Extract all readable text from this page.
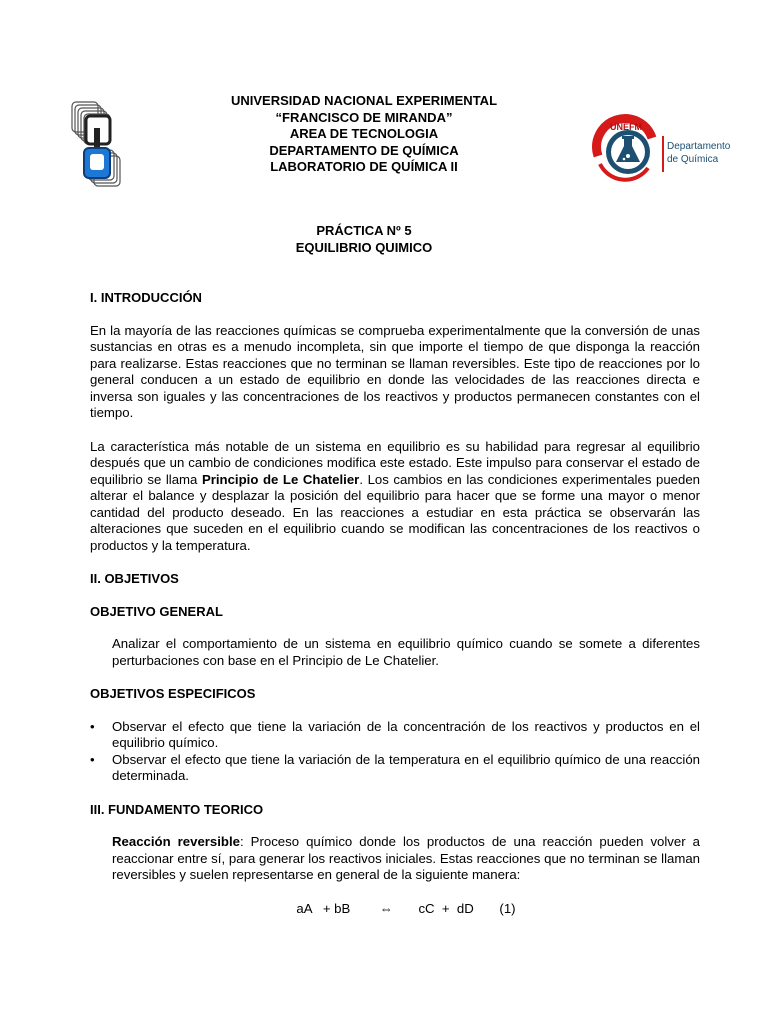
UNIVERSIDAD NACIONAL EXPERIMENTAL
“FRANCISCO DE MIRANDA”
AREA DE TECNOLOGIA
DEPARTAMENTO DE QUÍMICA
LABORATORIO DE QUÍMICA II
UNEFM
Departamento
de Química
PRÁCTICA Nº 5
EQUILIBRIO QUIMICO
I. INTRODUCCIÓN

En la mayoría de las reacciones químicas se comprueba experimentalmente que la conversión de unas sustancias en otras es a menudo incompleta, sin que importe el tiempo de que disponga la reacción para realizarse. Estas reacciones que no terminan se llaman reversibles. Este tipo de reacciones por lo general conducen a un estado de equilibrio en donde las velocidades de las reacciones directa e inversa son iguales y las concentraciones de los reactivos y productos permanecen constantes con el tiempo.

La característica más notable de un sistema en equilibrio es su habilidad para regresar al equilibrio después que un cambio de condiciones modifica este estado. Este impulso para conservar el estado de equilibrio se llama Principio de Le Chatelier. Los cambios en las condiciones experimentales pueden alterar el balance y desplazar la posición del equilibrio para hacer que se forme una mayor o menor cantidad del producto deseado. En las reacciones a estudiar en esta práctica se observarán las alteraciones que suceden en el equilibrio cuando se modifican las concentraciones de los reactivos o productos y la temperatura.

II. OBJETIVOS
OBJETIVO GENERAL

Analizar el comportamiento de un sistema en equilibrio químico cuando se somete a diferentes perturbaciones con base en el Principio de Le Chatelier.

OBJETIVOS ESPECIFICOS
• Observar el efecto que tiene la variación de la concentración de los reactivos y productos en el equilibrio químico.
• Observar el efecto que tiene la variación de la temperatura en el equilibrio químico de una reacción determinada.
III. FUNDAMENTO TEORICO

Reacción reversible: Proceso químico donde los productos de una reacción pueden volver a reaccionar entre sí, para generar los reactivos iniciales. Estas reacciones que no terminan se llaman reversibles y suelen representarse en general de la siguiente manera:

aA   + bB        ⇔       cC  +  dD       (1)
